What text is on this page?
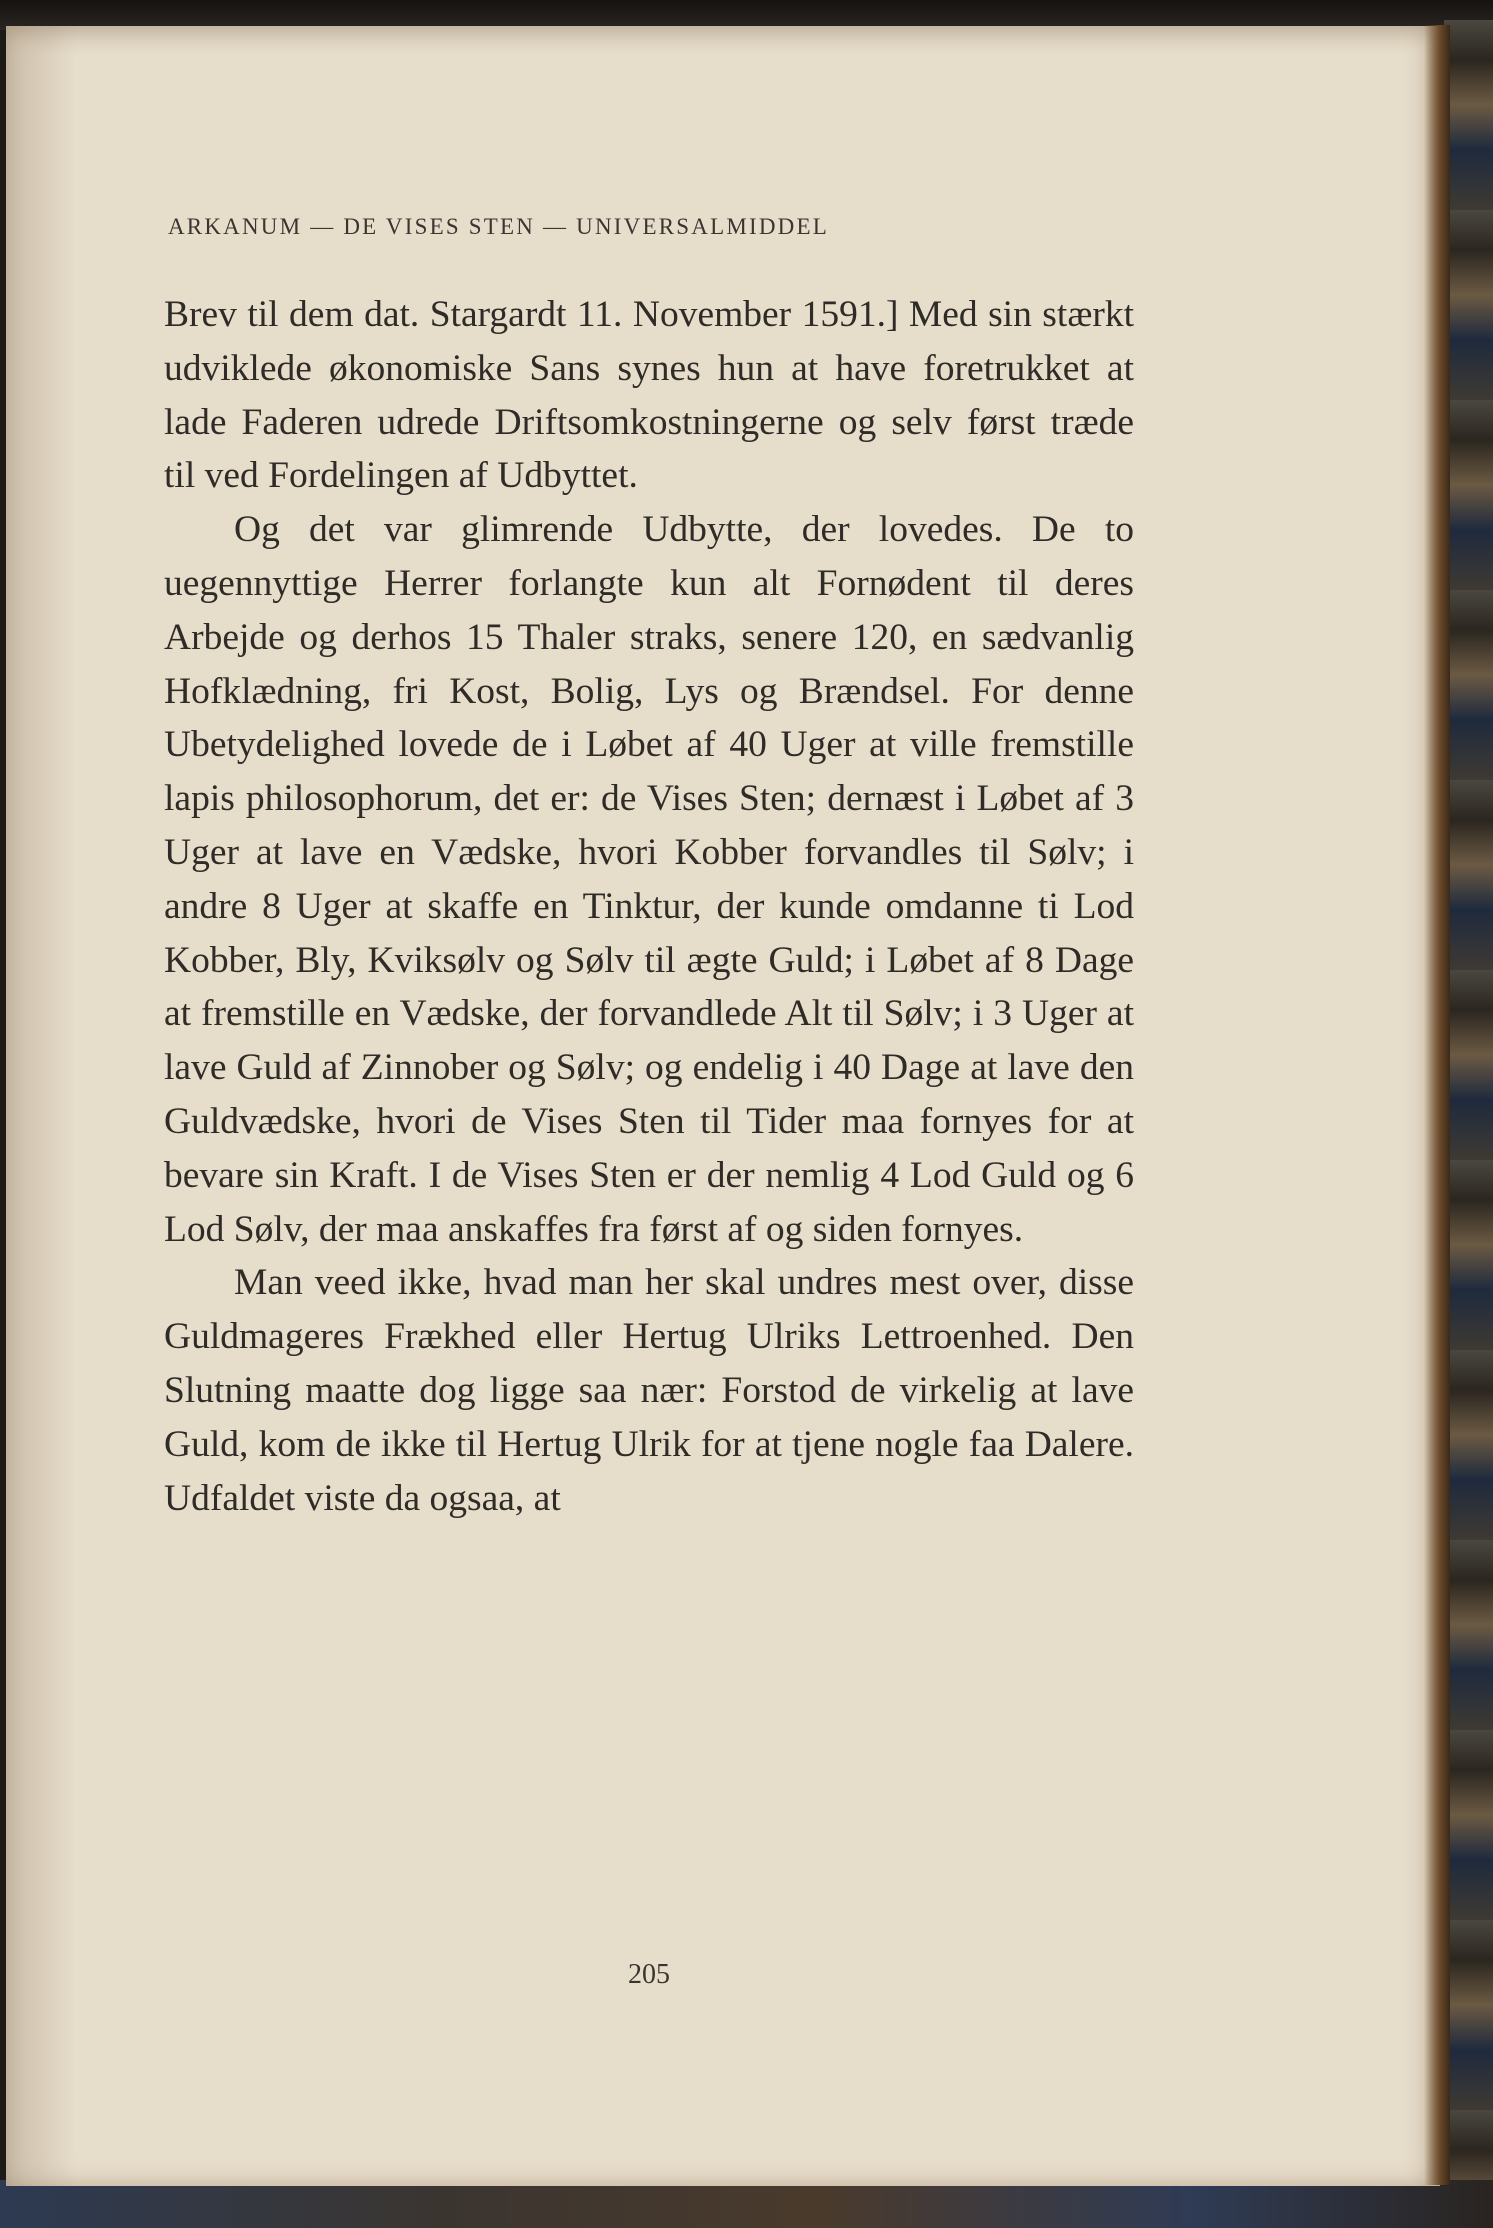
ARKANUM — DE VISES STEN — UNIVERSALMIDDEL

Brev til dem dat. Stargardt 11. November 1591.] Med sin stærkt udviklede økonomiske Sans synes hun at have foretrukket at lade Faderen udrede Driftsomkostningerne og selv først træde til ved Fordelingen af Udbyttet.

Og det var glimrende Udbytte, der lovedes. De to uegennyttige Herrer forlangte kun alt Fornødent til deres Arbejde og derhos 15 Thaler straks, senere 120, en sædvanlig Hofklædning, fri Kost, Bolig, Lys og Brændsel. For denne Ubetydelighed lovede de i Løbet af 40 Uger at ville fremstille lapis philosophorum, det er: de Vises Sten; dernæst i Løbet af 3 Uger at lave en Vædske, hvori Kobber forvandles til Sølv; i andre 8 Uger at skaffe en Tinktur, der kunde omdanne ti Lod Kobber, Bly, Kviksølv og Sølv til ægte Guld; i Løbet af 8 Dage at fremstille en Vædske, der forvandlede Alt til Sølv; i 3 Uger at lave Guld af Zinnober og Sølv; og endelig i 40 Dage at lave den Guldvædske, hvori de Vises Sten til Tider maa fornyes for at bevare sin Kraft. I de Vises Sten er der nemlig 4 Lod Guld og 6 Lod Sølv, der maa anskaffes fra først af og siden fornyes.

Man veed ikke, hvad man her skal undres mest over, disse Guldmageres Frækhed eller Hertug Ulriks Lettroenhed. Den Slutning maatte dog ligge saa nær: Forstod de virkelig at lave Guld, kom de ikke til Hertug Ulrik for at tjene nogle faa Dalere. Udfaldet viste da ogsaa, at

205
